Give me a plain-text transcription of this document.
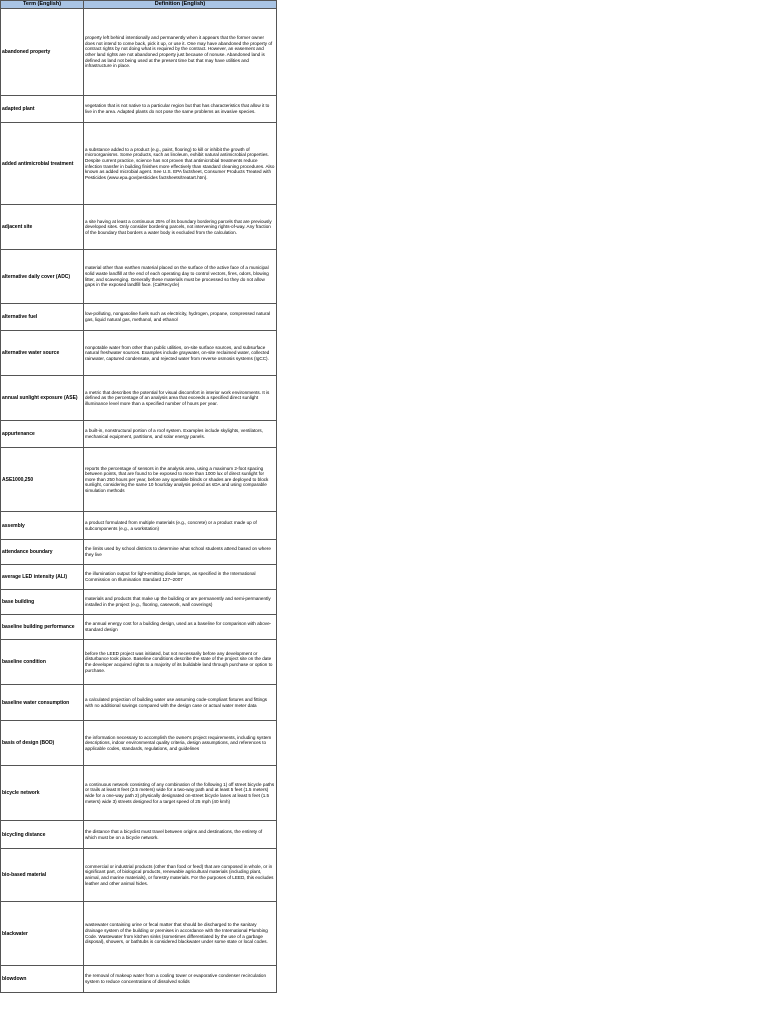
Term (English)	Definition (English)
abandoned property	property left behind intentionally and permanently when it appears that the former owner does not intend to come back, pick it up, or use it. One may have abandoned the property of contract rights by not doing what is required by the contract. However, an easement and other land rights are not abandoned property just because of nonuse. Abandoned land is defined as land not being used at the present time but that may have utilities and infrastructure in place.
adapted plant	vegetation that is not native to a particular region but that has characteristics that allow it to live in the area. Adapted plants do not pose the same problems as invasive species.
added antimicrobial treatment	a substance added to a product (e.g., paint, flooring) to kill or inhibit the growth of microorganisms. Some products, such as linoleum, exhibit natural antimicrobial properties. Despite current practice, science has not proven that antimicrobial treatments reduce infection transfer in building finishes more effectively than standard cleaning procedures. Also known as added microbial agent. See U.S. EPA factsheet, Consumer Products Treated with Pesticides (www.epa.gov/pesticides factsheets/treatart.htm).
adjacent site	a site having at least a continuous 25% of its boundary bordering parcels that are previously developed sites. Only consider bordering parcels, not intervening rights-of-way. Any fraction of the boundary that borders a water body is excluded from the calculation.
alternative daily cover (ADC)	material other than earthen material placed on the surface of the active face of a municipal solid waste landfill at the end of each operating day to control vectors, fires, odors, blowing litter, and scavenging. Generally these materials must be processed so they do not allow gaps in the exposed landfill face. (CalRecycle)
alternative fuel	low-polluting, nongasoline fuels such as electricity, hydrogen, propane, compressed natural gas, liquid natural gas, methanol, and ethanol
alternative water source	nonpotable water from other than public utilities, on-site surface sources, and subsurface natural freshwater sources. Examples include graywater, on-site reclaimed water, collected rainwater, captured condensate, and rejected water from reverse osmosis systems (IgCC).
annual sunlight exposure (ASE)	a metric that describes the potential for visual discomfort in interior work environments. It is defined as the percentage of an analysis area that exceeds a specified direct sunlight illuminance level more than a specified number of hours per year.
appurtenance	a built-in, nonstructural portion of a roof system. Examples include skylights, ventilators, mechanical equipment, partitions, and solar energy panels.
ASE1000,250	reports the percentage of sensors in the analysis area, using a maximum 2-foot spacing between points, that are found to be exposed to more than 1000 lux of direct sunlight for more than 250 hours per year, before any operable blinds or shades are deployed to block sunlight, considering the same 10 hour/day analysis period as sDA and using comparable simulation methods
assembly	a product formulated from multiple materials (e.g., concrete) or a product made up of subcomponents (e.g., a workstation)
attendance boundary	the limits used by school districts to determine what school students attend based on where they live
average LED intensity (ALI)	the illumination output for light-emitting diode lamps, as specified in the International Commission on Illumination Standard 127–2007
base building	materials and products that make up the building or are permanently and semi-permanently installed in the project (e.g., flooring, casework, wall coverings)
baseline building performance	the annual energy cost for a building design, used as a baseline for comparison with above-standard design
baseline condition	before the LEED project was initiated, but not necessarily before any development or disturbance took place. Baseline conditions describe the state of the project site on the date the developer acquired rights to a majority of its buildable land through purchase or option to purchase.
baseline water consumption	a calculated projection of building water use assuming code-compliant fixtures and fittings with no additional savings compared with the design case or actual water meter data
basis of design (BOD)	the information necessary to accomplish the owner's project requirements, including system descriptions, indoor environmental quality criteria, design assumptions, and references to applicable codes, standards, regulations, and guidelines
bicycle network	a continuous network consisting of any combination of the following 1) off street bicycle paths or trails at least 8 feet (2.5 meters) wide for a two-way path and at least 5 feet (1.5 meters) wide for a one-way path 2) physically designated on-street bicycle lanes at least 5 feet (1.5 meters) wide 3) streets designed for a target speed of 25 mph (40 kmh)
bicycling distance	the distance that a bicyclist must travel between origins and destinations, the entirety of which must be on a bicycle network.
bio-based material	commercial or industrial products (other than food or feed) that are composed in whole, or in significant part, of biological products, renewable agricultural materials (including plant, animal, and marine materials), or forestry materials. For the purposes of LEED, this excludes leather and other animal hides.
blackwater	wastewater containing urine or fecal matter that should be discharged to the sanitary drainage system of the building or premises in accordance with the International Plumbing Code. Wastewater from kitchen sinks (sometimes differentiated by the use of a garbage disposal), showers, or bathtubs is considered blackwater under some state or local codes.
blowdown	the removal of makeup water from a cooling tower or evaporative condenser recirculation system to reduce concentrations of dissolved solids
